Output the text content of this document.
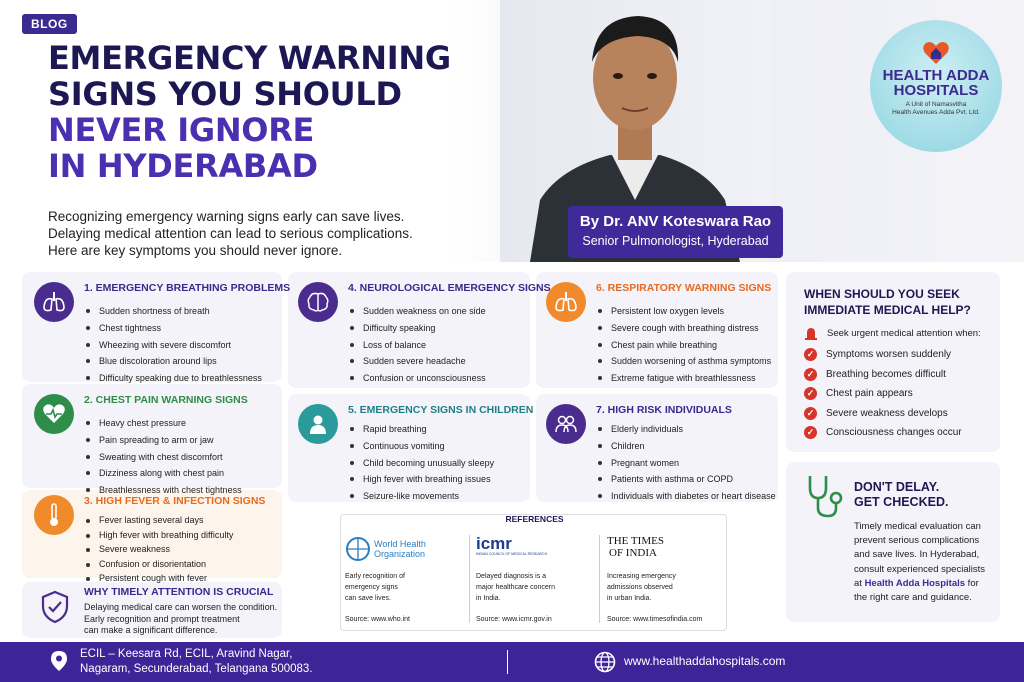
BLOG
EMERGENCY WARNING
SIGNS YOU SHOULD
NEVER IGNORE
IN HYDERABAD
Recognizing emergency warning signs early can save lives.
Delaying medical attention can lead to serious complications.
Here are key symptoms you should never ignore.
By Dr. ANV Koteswara Rao
Senior Pulmonologist, Hyderabad
HEALTH ADDA
HOSPITALS
A Unit of Namasvitha
Health Avenues Adda Pvt. Ltd.
1. EMERGENCY BREATHING PROBLEMS
Sudden shortness of breath
Chest tightness
Wheezing with severe discomfort
Blue discoloration around lips
Difficulty speaking due to breathlessness
2. CHEST PAIN WARNING SIGNS
Heavy chest pressure
Pain spreading to arm or jaw
Sweating with chest discomfort
Dizziness along with chest pain
Breathlessness with chest tightness
3. HIGH FEVER & INFECTION SIGNS
Fever lasting several days
High fever with breathing difficulty
Severe weakness
Confusion or disorientation
Persistent cough with fever
WHY TIMELY ATTENTION IS CRUCIAL
Delaying medical care can worsen the condition.
Early recognition and prompt treatment
can make a significant difference.
4. NEUROLOGICAL EMERGENCY SIGNS
Sudden weakness on one side
Difficulty speaking
Loss of balance
Sudden severe headache
Confusion or unconsciousness
5. EMERGENCY SIGNS IN CHILDREN
Rapid breathing
Continuous vomiting
Child becoming unusually sleepy
High fever with breathing issues
Seizure-like movements
6. RESPIRATORY WARNING SIGNS
Persistent low oxygen levels
Severe cough with breathing distress
Chest pain while breathing
Sudden worsening of asthma symptoms
Extreme fatigue with breathlessness
7. HIGH RISK INDIVIDUALS
Elderly individuals
Children
Pregnant women
Patients with asthma or COPD
Individuals with diabetes or heart disease
WHEN SHOULD YOU SEEK
IMMEDIATE MEDICAL HELP?
Seek urgent medical attention when:
✓ Symptoms worsen suddenly
✓ Breathing becomes difficult
✓ Chest pain appears
✓ Severe weakness develops
✓ Consciousness changes occur
DON'T DELAY.
GET CHECKED.
Timely medical evaluation can
prevent serious complications
and save lives. In Hyderabad,
consult experienced specialists
at Health Adda Hospitals for
the right care and guidance.
REFERENCES
World Health
Organization
Early recognition of
emergency signs
can save lives.
Source: www.who.int
icmr
INDIAN COUNCIL OF MEDICAL RESEARCH
Delayed diagnosis is a
major healthcare concern
in India.
Source: www.icmr.gov.in
THE TIMES
OF INDIA
Increasing emergency
admissions observed
in urban India.
Source: www.timesofindia.com
ECIL – Keesara Rd, ECIL, Aravind Nagar,
Nagaram, Secunderabad, Telangana 500083.
www.healthaddahospitals.com
